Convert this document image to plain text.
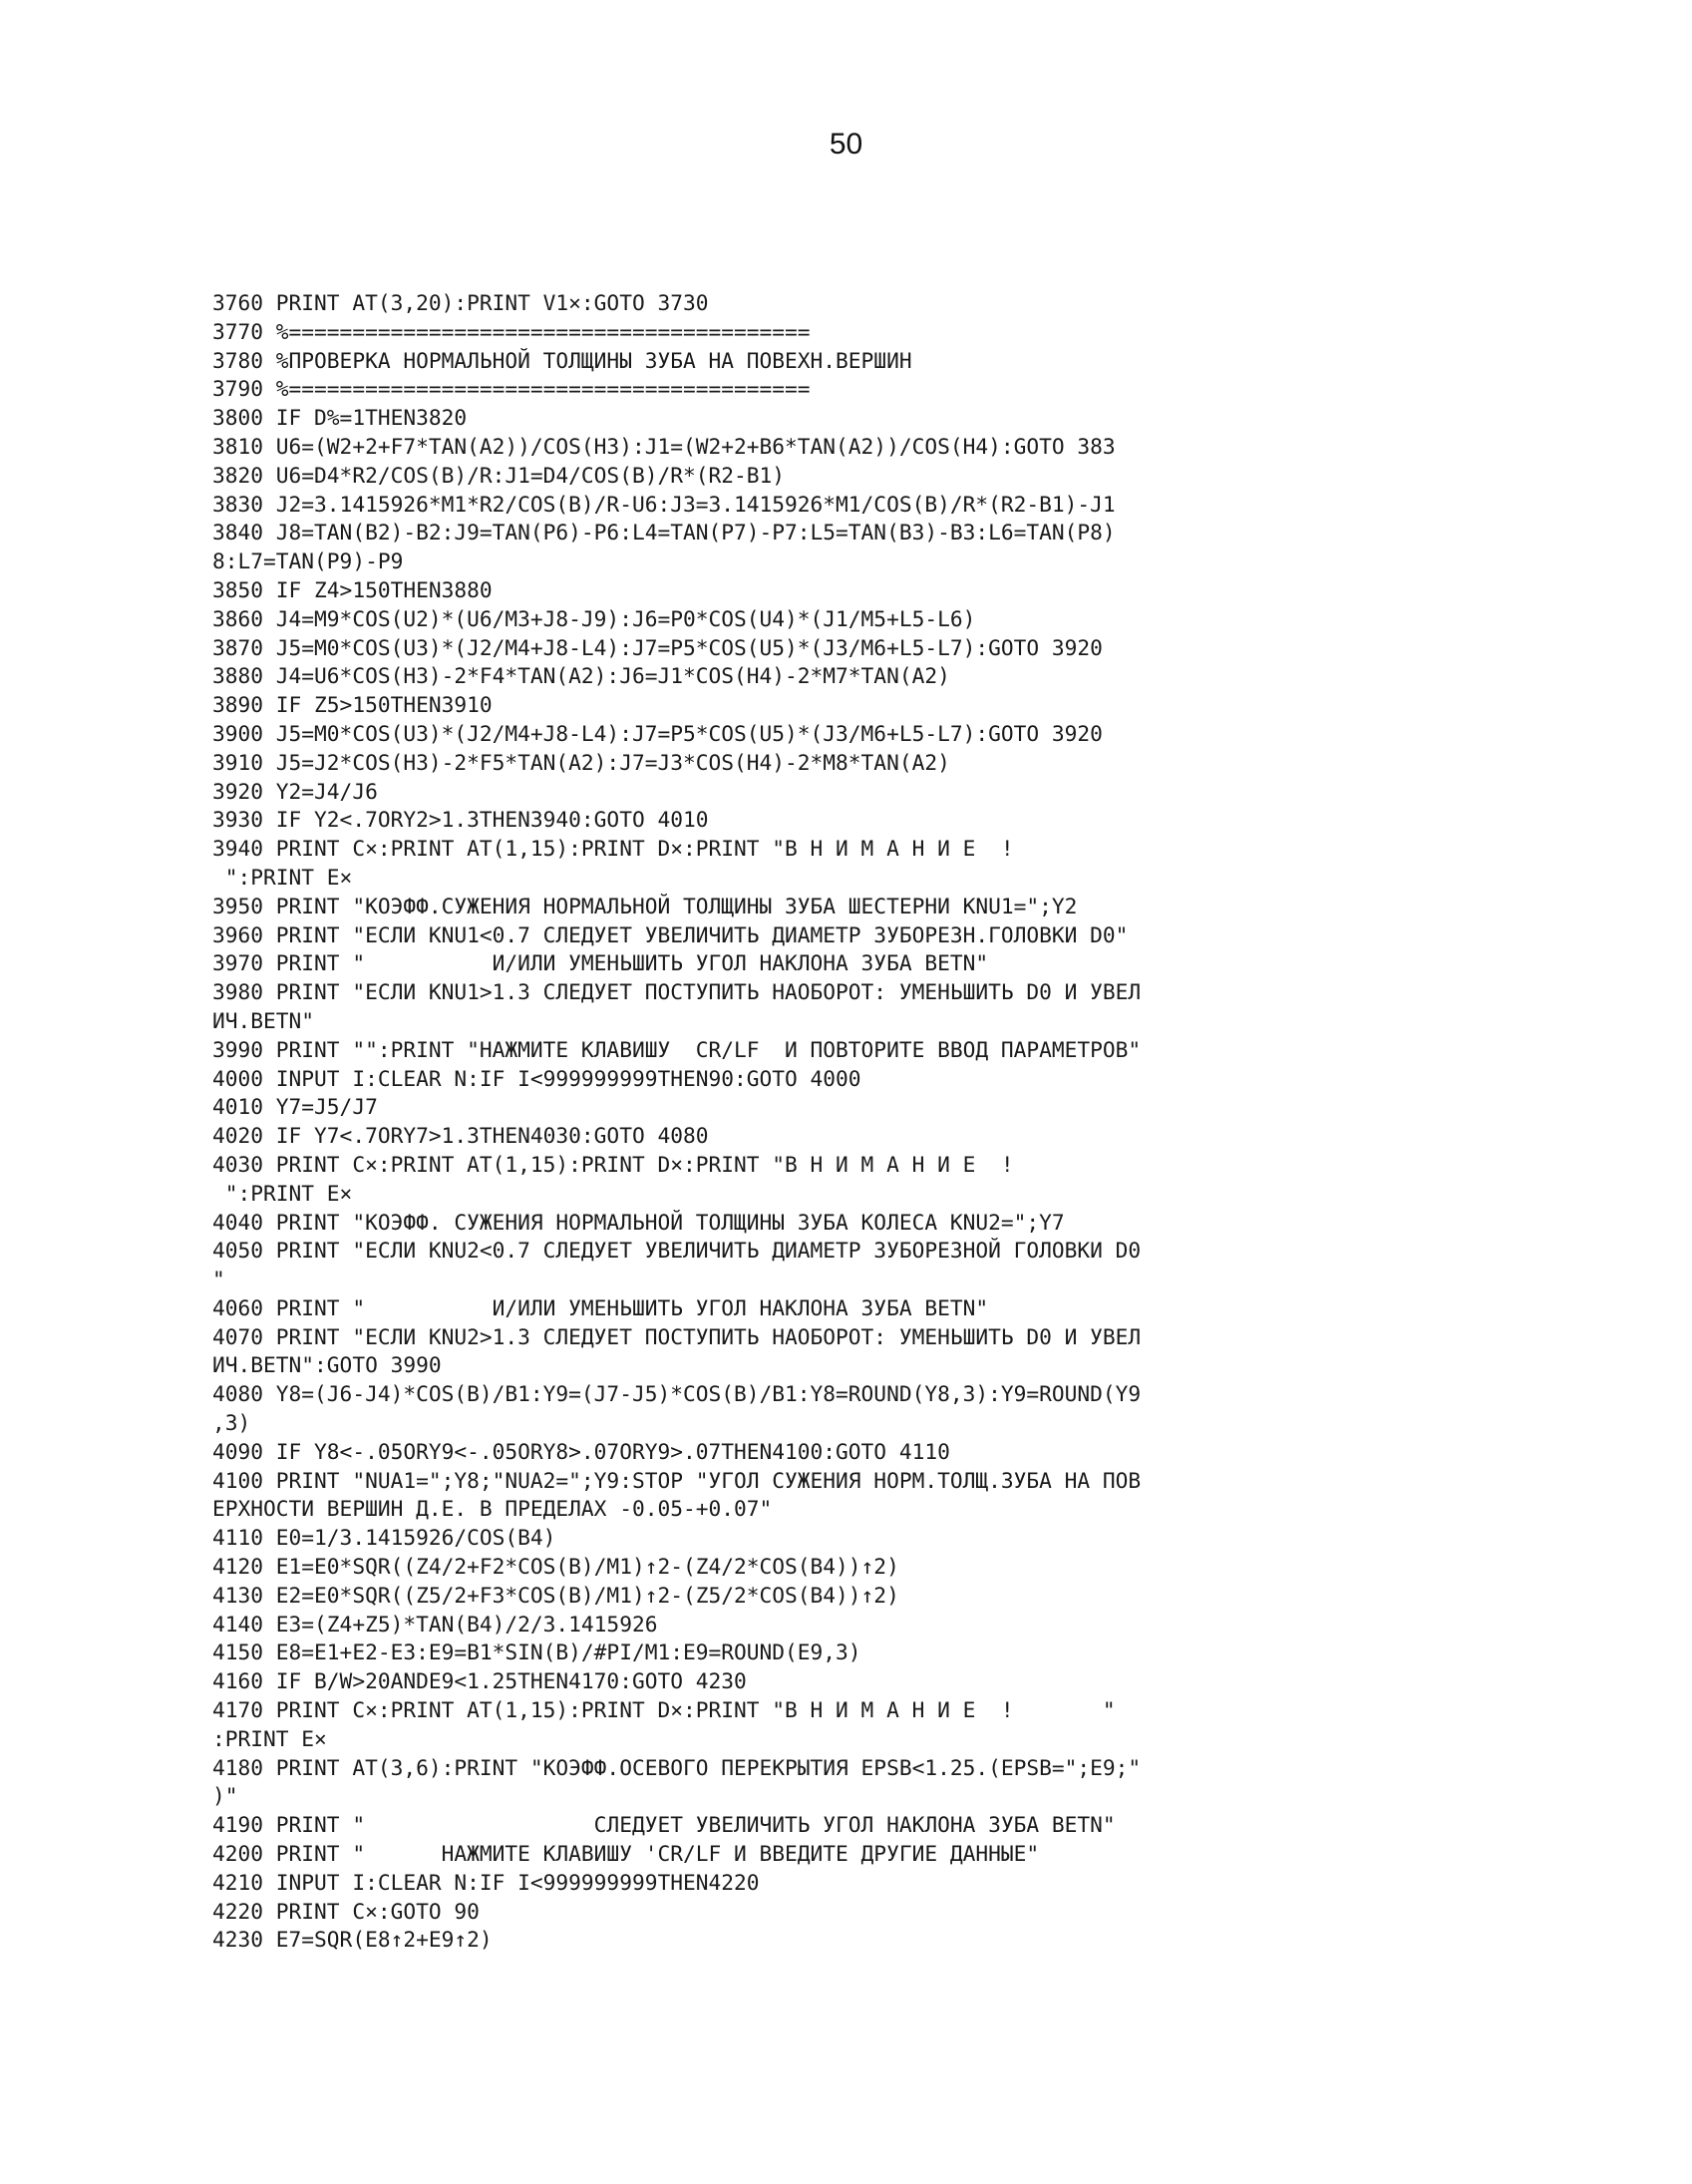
50
3760 PRINT AT(3,20):PRINT V1×:GOTO 3730
3770 %=========================================
3780 %ПРОВЕРКА НОРМАЛЬНОЙ ТОЛЩИНЫ ЗУБА НА ПОВЕХН.ВЕРШИН
3790 %=========================================
3800 IF D%=1THEN3820
3810 U6=(W2+2+F7*TAN(A2))/COS(H3):J1=(W2+2+B6*TAN(A2))/COS(H4):GOTO 383
3820 U6=D4*R2/COS(B)/R:J1=D4/COS(B)/R*(R2-B1)
3830 J2=3.1415926*M1*R2/COS(B)/R-U6:J3=3.1415926*M1/COS(B)/R*(R2-B1)-J1
3840 J8=TAN(B2)-B2:J9=TAN(P6)-P6:L4=TAN(P7)-P7:L5=TAN(B3)-B3:L6=TAN(P8)
8:L7=TAN(P9)-P9
3850 IF Z4>150THEN3880
3860 J4=M9*COS(U2)*(U6/M3+J8-J9):J6=P0*COS(U4)*(J1/M5+L5-L6)
3870 J5=M0*COS(U3)*(J2/M4+J8-L4):J7=P5*COS(U5)*(J3/M6+L5-L7):GOTO 3920
3880 J4=U6*COS(H3)-2*F4*TAN(A2):J6=J1*COS(H4)-2*M7*TAN(A2)
3890 IF Z5>150THEN3910
3900 J5=M0*COS(U3)*(J2/M4+J8-L4):J7=P5*COS(U5)*(J3/M6+L5-L7):GOTO 3920
3910 J5=J2*COS(H3)-2*F5*TAN(A2):J7=J3*COS(H4)-2*M8*TAN(A2)
3920 Y2=J4/J6
3930 IF Y2<.7ORY2>1.3THEN3940:GOTO 4010
3940 PRINT C×:PRINT AT(1,15):PRINT D×:PRINT "В Н И М А Н И Е  !
":PRINT E×
3950 PRINT "КОЭФФ.СУЖЕНИЯ НОРМАЛЬНОЙ ТОЛЩИНЫ ЗУБА ШЕСТЕРНИ KNU1=";Y2
3960 PRINT "ЕСЛИ KNU1<0.7 СЛЕДУЕТ УВЕЛИЧИТЬ ДИАМЕТР ЗУБОРЕЗН.ГОЛОВКИ D0"
3970 PRINT "          И/ИЛИ УМЕНЬШИТЬ УГОЛ НАКЛОНА ЗУБА BETN"
3980 PRINT "ЕСЛИ KNU1>1.3 СЛЕДУЕТ ПОСТУПИТЬ НАОБОРОТ: УМЕНЬШИТЬ D0 И УВЕЛ
ИЧ.BETN"
3990 PRINT "":PRINT "НАЖМИТЕ КЛАВИШУ  CR/LF  И ПОВТОРИТЕ ВВОД ПАРАМЕТРОВ"
4000 INPUT I:CLEAR N:IF I<999999999THEN90:GOTO 4000
4010 Y7=J5/J7
4020 IF Y7<.7ORY7>1.3THEN4030:GOTO 4080
4030 PRINT C×:PRINT AT(1,15):PRINT D×:PRINT "В Н И М А Н И Е  !
":PRINT E×
4040 PRINT "КОЭФФ. СУЖЕНИЯ НОРМАЛЬНОЙ ТОЛЩИНЫ ЗУБА КОЛЕСА KNU2=";Y7
4050 PRINT "ЕСЛИ KNU2<0.7 СЛЕДУЕТ УВЕЛИЧИТЬ ДИАМЕТР ЗУБОРЕЗНОЙ ГОЛОВКИ D0
"
4060 PRINT "          И/ИЛИ УМЕНЬШИТЬ УГОЛ НАКЛОНА ЗУБА BETN"
4070 PRINT "ЕСЛИ KNU2>1.3 СЛЕДУЕТ ПОСТУПИТЬ НАОБОРОТ: УМЕНЬШИТЬ D0 И УВЕЛ
ИЧ.BETN":GOTO 3990
4080 Y8=(J6-J4)*COS(B)/B1:Y9=(J7-J5)*COS(B)/B1:Y8=ROUND(Y8,3):Y9=ROUND(Y9
,3)
4090 IF Y8<-.05ORY9<-.05ORY8>.07ORY9>.07THEN4100:GOTO 4110
4100 PRINT "NUA1=";Y8;"NUA2=";Y9:STOP "УГОЛ СУЖЕНИЯ НОРМ.ТОЛЩ.ЗУБА НА ПОВ
ЕРХНОСТИ ВЕРШИН Д.Е. В ПРЕДЕЛАХ -0.05-+0.07"
4110 E0=1/3.1415926/COS(B4)
4120 E1=E0*SQR((Z4/2+F2*COS(B)/M1)↑2-(Z4/2*COS(B4))↑2)
4130 E2=E0*SQR((Z5/2+F3*COS(B)/M1)↑2-(Z5/2*COS(B4))↑2)
4140 E3=(Z4+Z5)*TAN(B4)/2/3.1415926
4150 E8=E1+E2-E3:E9=B1*SIN(B)/#PI/M1:E9=ROUND(E9,3)
4160 IF B/W>20ANDE9<1.25THEN4170:GOTO 4230
4170 PRINT C×:PRINT AT(1,15):PRINT D×:PRINT "В Н И М А Н И Е  !       "
:PRINT E×
4180 PRINT AT(3,6):PRINT "КОЭФФ.ОСЕВОГО ПЕРЕКРЫТИЯ EPSB<1.25.(EPSB=";E9;"
)"
4190 PRINT "                  СЛЕДУЕТ УВЕЛИЧИТЬ УГОЛ НАКЛОНА ЗУБА BETN"
4200 PRINT "      НАЖМИТЕ КЛАВИШУ 'CR/LF И ВВЕДИТЕ ДРУГИЕ ДАННЫЕ"
4210 INPUT I:CLEAR N:IF I<999999999THEN4220
4220 PRINT C×:GOTO 90
4230 E7=SQR(E8↑2+E9↑2)
